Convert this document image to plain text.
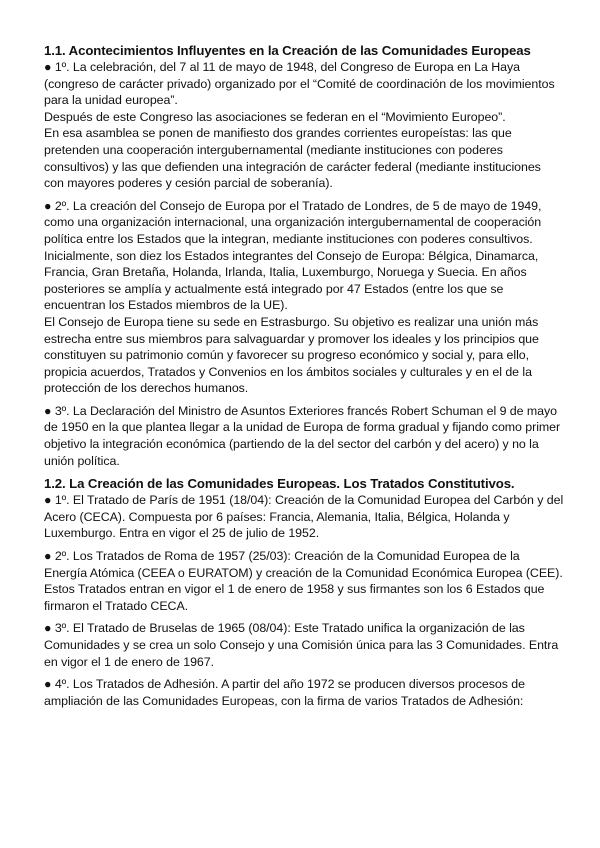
1.1. Acontecimientos Influyentes en la Creación de las Comunidades Europeas

● 1º. La celebración, del 7 al 11 de mayo de 1948, del Congreso de Europa en La Haya (congreso de carácter privado) organizado por el “Comité de coordinación de los movimientos para la unidad europea”.

Después de este Congreso las asociaciones se federan en el “Movimiento Europeo”.

En esa asamblea se ponen de manifiesto dos grandes corrientes europeístas: las que pretenden una cooperación intergubernamental (mediante instituciones con poderes consultivos) y las que defienden una integración de carácter federal (mediante instituciones con mayores poderes y cesión parcial de soberanía).

● 2º. La creación del Consejo de Europa por el Tratado de Londres, de 5 de mayo de 1949, como una organización internacional, una organización intergubernamental de cooperación política entre los Estados que la integran, mediante instituciones con poderes consultivos. Inicialmente, son diez los Estados integrantes del Consejo de Europa: Bélgica, Dinamarca, Francia, Gran Bretaña, Holanda, Irlanda, Italia, Luxemburgo, Noruega y Suecia. En años posteriores se amplía y actualmente está integrado por 47 Estados (entre los que se encuentran los Estados miembros de la UE).

El Consejo de Europa tiene su sede en Estrasburgo. Su objetivo es realizar una unión más estrecha entre sus miembros para salvaguardar y promover los ideales y los principios que constituyen su patrimonio común y favorecer su progreso económico y social y, para ello, propicia acuerdos, Tratados y Convenios en los ámbitos sociales y culturales y en el de la protección de los derechos humanos.

● 3º. La Declaración del Ministro de Asuntos Exteriores francés Robert Schuman el 9 de mayo de 1950 en la que plantea llegar a la unidad de Europa de forma gradual y fijando como primer objetivo la integración económica (partiendo de la del sector del carbón y del acero) y no la unión política.

1.2. La Creación de las Comunidades Europeas. Los Tratados Constitutivos.

● 1º. El Tratado de París de 1951 (18/04): Creación de la Comunidad Europea del Carbón y del Acero (CECA). Compuesta por 6 países: Francia, Alemania, Italia, Bélgica, Holanda y Luxemburgo. Entra en vigor el 25 de julio de 1952.

● 2º. Los Tratados de Roma de 1957 (25/03): Creación de la Comunidad Europea de la Energía Atómica (CEEA o EURATOM) y creación de la Comunidad Económica Europea (CEE). Estos Tratados entran en vigor el 1 de enero de 1958 y sus firmantes son los 6 Estados que firmaron el Tratado CECA.

● 3º. El Tratado de Bruselas de 1965 (08/04): Este Tratado unifica la organización de las Comunidades y se crea un solo Consejo y una Comisión única para las 3 Comunidades. Entra en vigor el 1 de enero de 1967.

● 4º. Los Tratados de Adhesión. A partir del año 1972 se producen diversos procesos de ampliación de las Comunidades Europeas, con la firma de varios Tratados de Adhesión:
